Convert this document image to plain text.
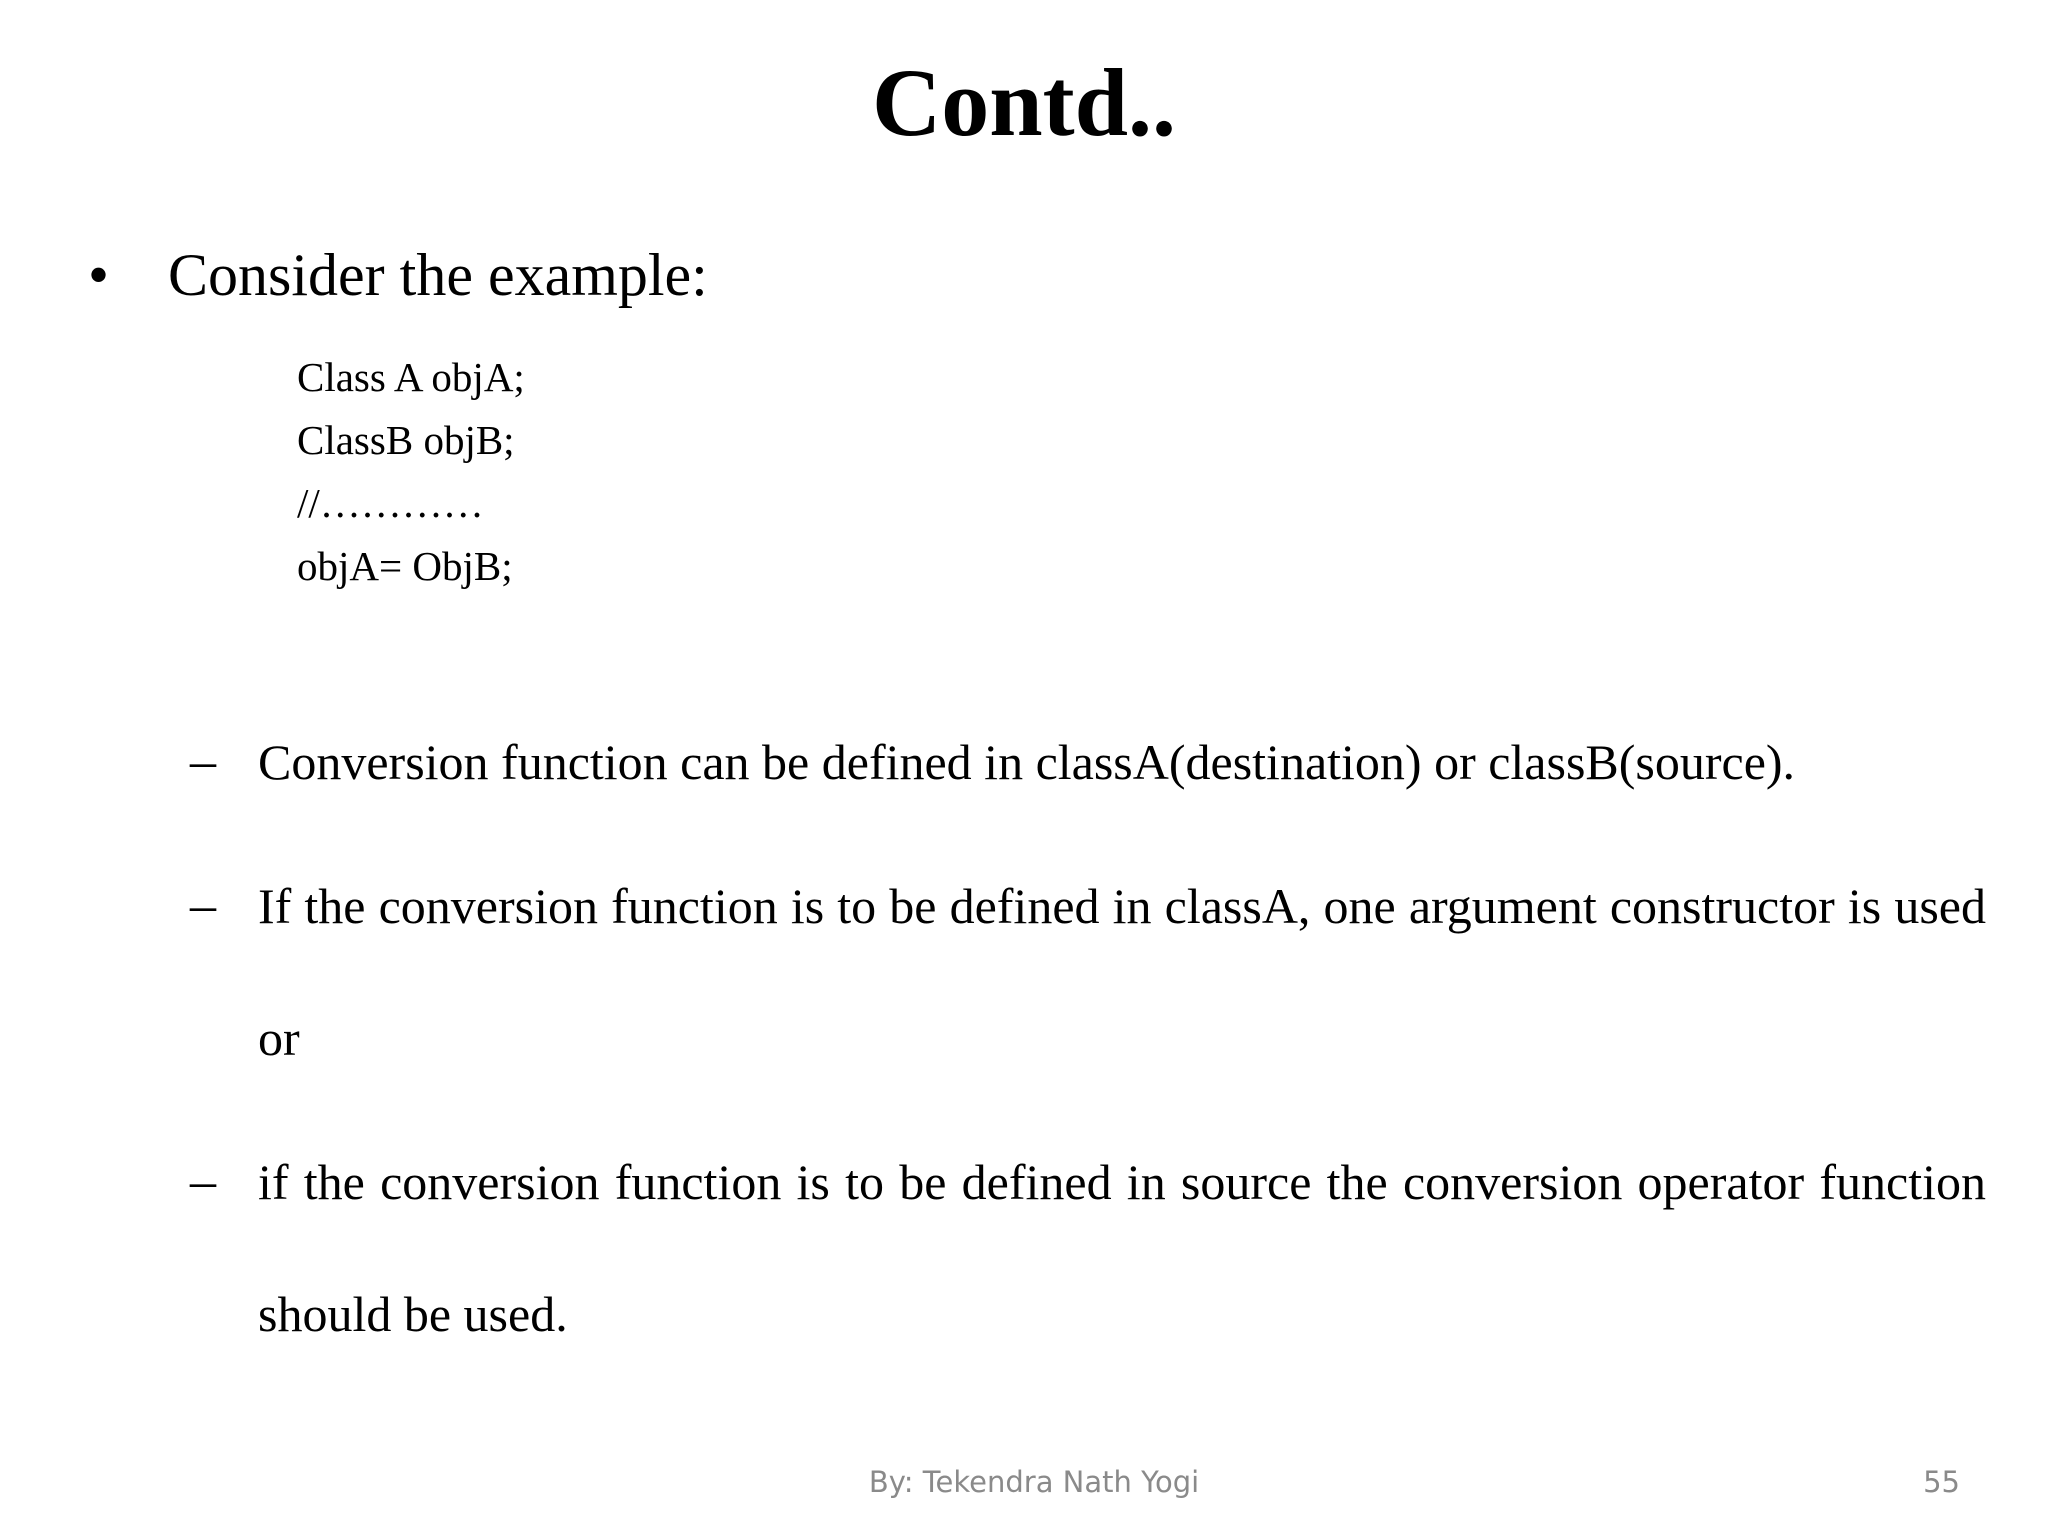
Contd..
• Consider the example:
Class A objA;
ClassB objB;
//…………
objA= ObjB;
– Conversion function can be defined in classA(destination) or classB(source).
– If the conversion function is to be defined in classA, one argument constructor is used or
– if the conversion function is to be defined in source the conversion operator function should be used.
By: Tekendra Nath Yogi	55
